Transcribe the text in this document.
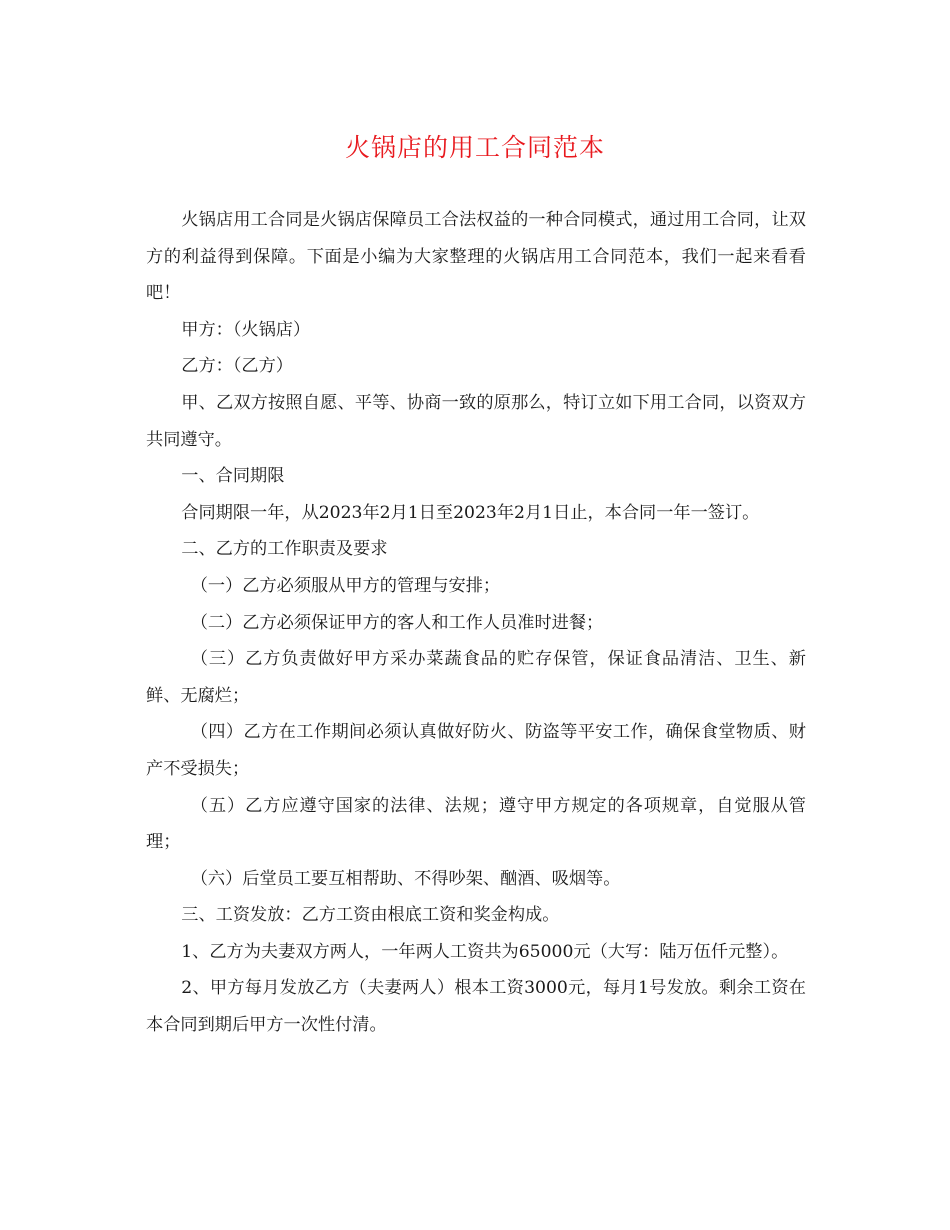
火锅店的用工合同范本

火锅店用工合同是火锅店保障员工合法权益的一种合同模式，通过用工合同，让双方的利益得到保障。下面是小编为大家整理的火锅店用工合同范本，我们一起来看看吧！

甲方：（火锅店）

乙方：（乙方）

甲、乙双方按照自愿、平等、协商一致的原那么，特订立如下用工合同，以资双方共同遵守。

一、合同期限

合同期限一年，从2023年2月1日至2023年2月1日止，本合同一年一签订。

二、乙方的工作职责及要求

（一）乙方必须服从甲方的管理与安排；

（二）乙方必须保证甲方的客人和工作人员准时进餐；

（三）乙方负责做好甲方采办菜蔬食品的贮存保管，保证食品清洁、卫生、新鲜、无腐烂；

（四）乙方在工作期间必须认真做好防火、防盗等平安工作，确保食堂物质、财产不受损失；

（五）乙方应遵守国家的法律、法规；遵守甲方规定的各项规章，自觉服从管理；

（六）后堂员工要互相帮助、不得吵架、酗酒、吸烟等。

三、工资发放：乙方工资由根底工资和奖金构成。

1、乙方为夫妻双方两人，一年两人工资共为65000元（大写：陆万伍仟元整）。

2、甲方每月发放乙方（夫妻两人）根本工资3000元，每月1号发放。剩余工资在本合同到期后甲方一次性付清。
